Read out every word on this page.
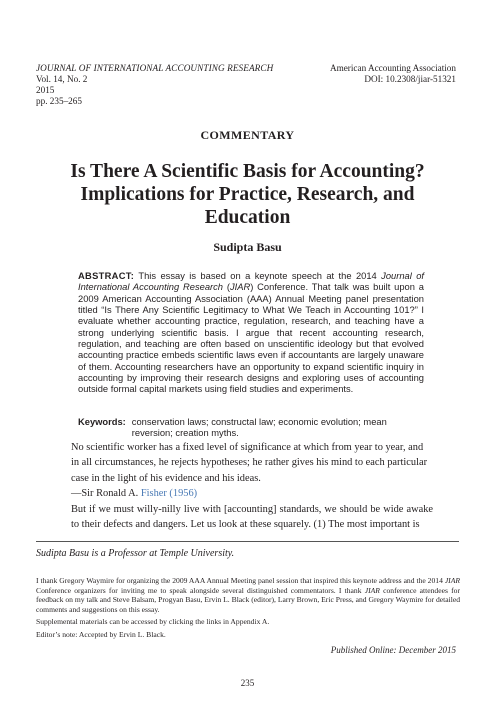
JOURNAL OF INTERNATIONAL ACCOUNTING RESEARCH
Vol. 14, No. 2
2015
pp. 235–265
American Accounting Association
DOI: 10.2308/jiar-51321
COMMENTARY
Is There A Scientific Basis for Accounting?
Implications for Practice, Research, and
Education
Sudipta Basu
ABSTRACT: This essay is based on a keynote speech at the 2014 Journal of International Accounting Research (JIAR) Conference. That talk was built upon a 2009 American Accounting Association (AAA) Annual Meeting panel presentation titled “Is There Any Scientific Legitimacy to What We Teach in Accounting 101?” I evaluate whether accounting practice, regulation, research, and teaching have a strong underlying scientific basis. I argue that recent accounting research, regulation, and teaching are often based on unscientific ideology but that evolved accounting practice embeds scientific laws even if accountants are largely unaware of them. Accounting researchers have an opportunity to expand scientific inquiry in accounting by improving their research designs and exploring uses of accounting outside formal capital markets using field studies and experiments.
Keywords: conservation laws; constructal law; economic evolution; mean reversion; creation myths.
No scientific worker has a fixed level of significance at which from year to year, and in all circumstances, he rejects hypotheses; he rather gives his mind to each particular case in the light of his evidence and his ideas.
—Sir Ronald A. Fisher (1956)
But if we must willy-nilly live with [accounting] standards, we should be wide awake to their defects and dangers. Let us look at these squarely. (1) The most important is
Sudipta Basu is a Professor at Temple University.

I thank Gregory Waymire for organizing the 2009 AAA Annual Meeting panel session that inspired this keynote address and the 2014 JIAR Conference organizers for inviting me to speak alongside several distinguished commentators. I thank JIAR conference attendees for feedback on my talk and Steve Balsam, Progyan Basu, Ervin L. Black (editor), Larry Brown, Eric Press, and Gregory Waymire for detailed comments and suggestions on this essay.

Supplemental materials can be accessed by clicking the links in Appendix A.

Editor’s note: Accepted by Ervin L. Black.

Published Online: December 2015
235
